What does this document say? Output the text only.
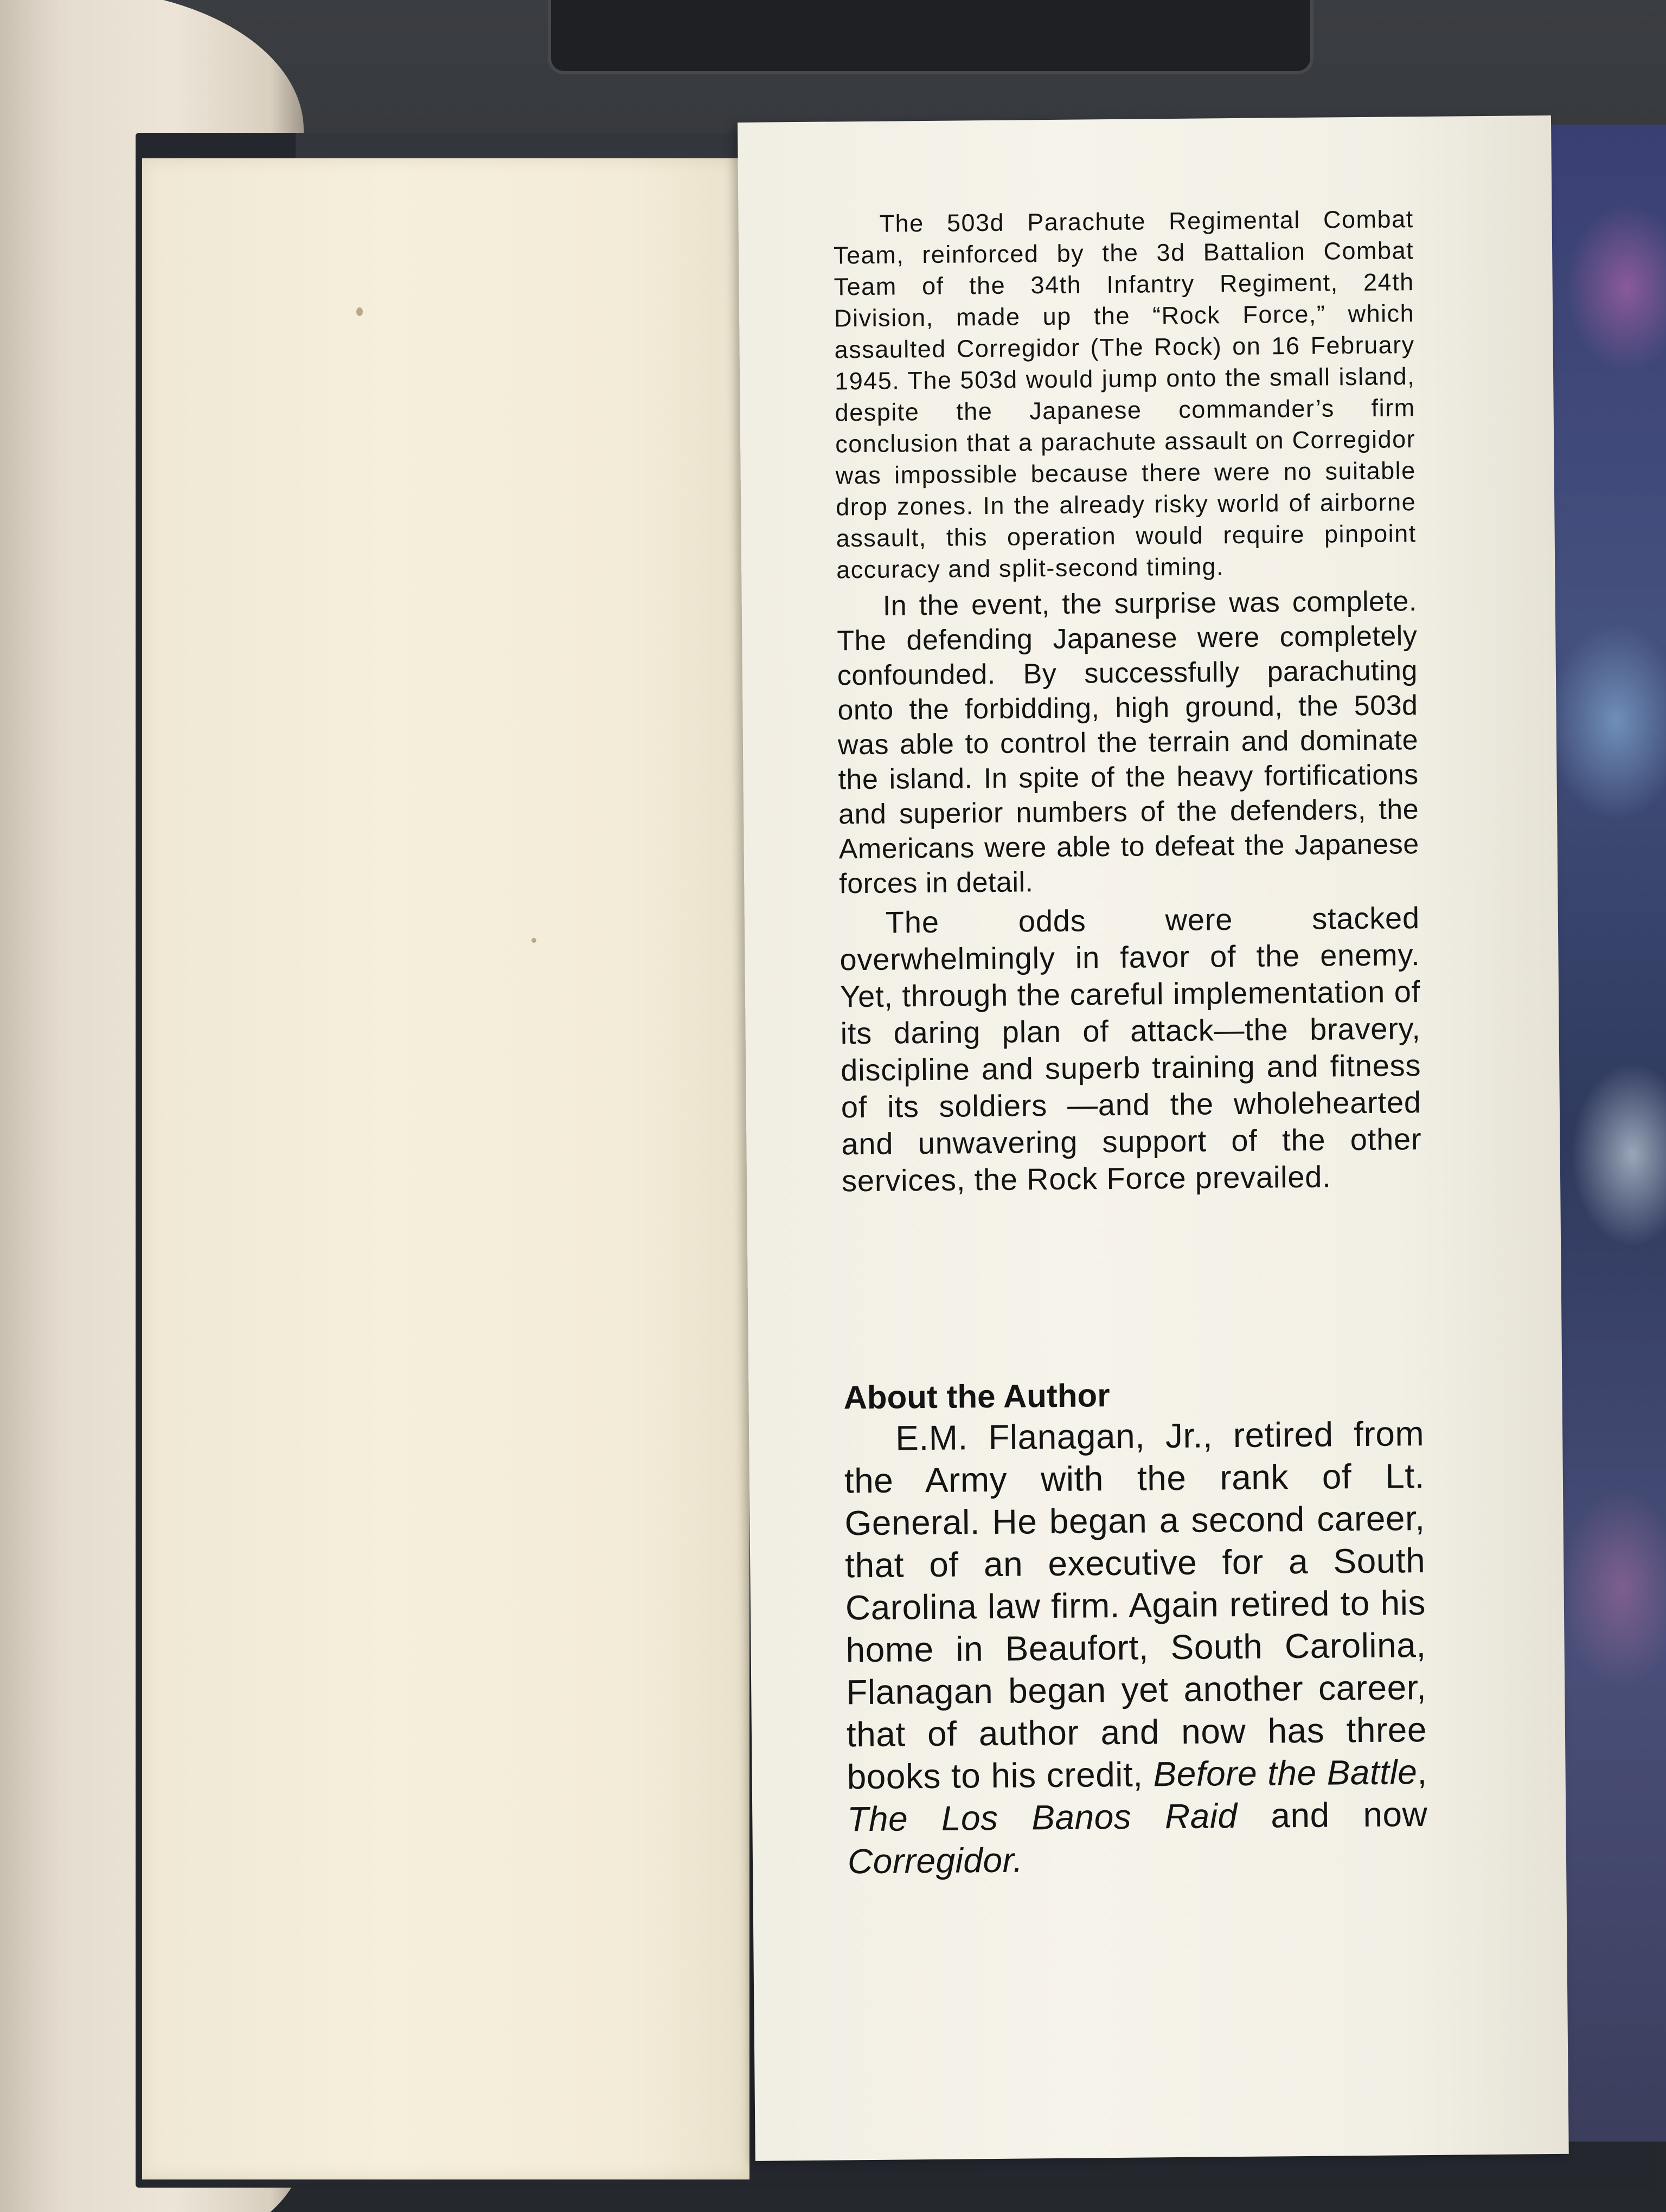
The 503d Parachute Regimental Combat Team, reinforced by the 3d Battalion Combat Team of the 34th Infantry Regiment, 24th Division, made up the “Rock Force,” which assaulted Corregidor (The Rock) on 16 February 1945. The 503d would jump onto the small island, despite the Japanese commander’s firm conclusion that a parachute assault on Corregidor was impossible because there were no suitable drop zones. In the already risky world of airborne assault, this operation would require pinpoint accuracy and split-second timing.

In the event, the surprise was complete. The defending Japanese were completely confounded. By successfully parachuting onto the forbidding, high ground, the 503d was able to control the terrain and dominate the island. In spite of the heavy fortifications and superior numbers of the defenders, the Americans were able to defeat the Japanese forces in detail.

The odds were stacked overwhelmingly in favor of the enemy. Yet, through the careful implementation of its daring plan of attack—the bravery, discipline and superb training and fitness of its soldiers —and the wholehearted and unwavering support of the other services, the Rock Force prevailed.

About the Author

E.M. Flanagan, Jr., retired from the Army with the rank of Lt. General. He began a second career, that of an executive for a South Carolina law firm. Again retired to his home in Beaufort, South Carolina, Flanagan began yet another career, that of author and now has three books to his credit, Before the Battle, The Los Banos Raid and now Corregidor.
